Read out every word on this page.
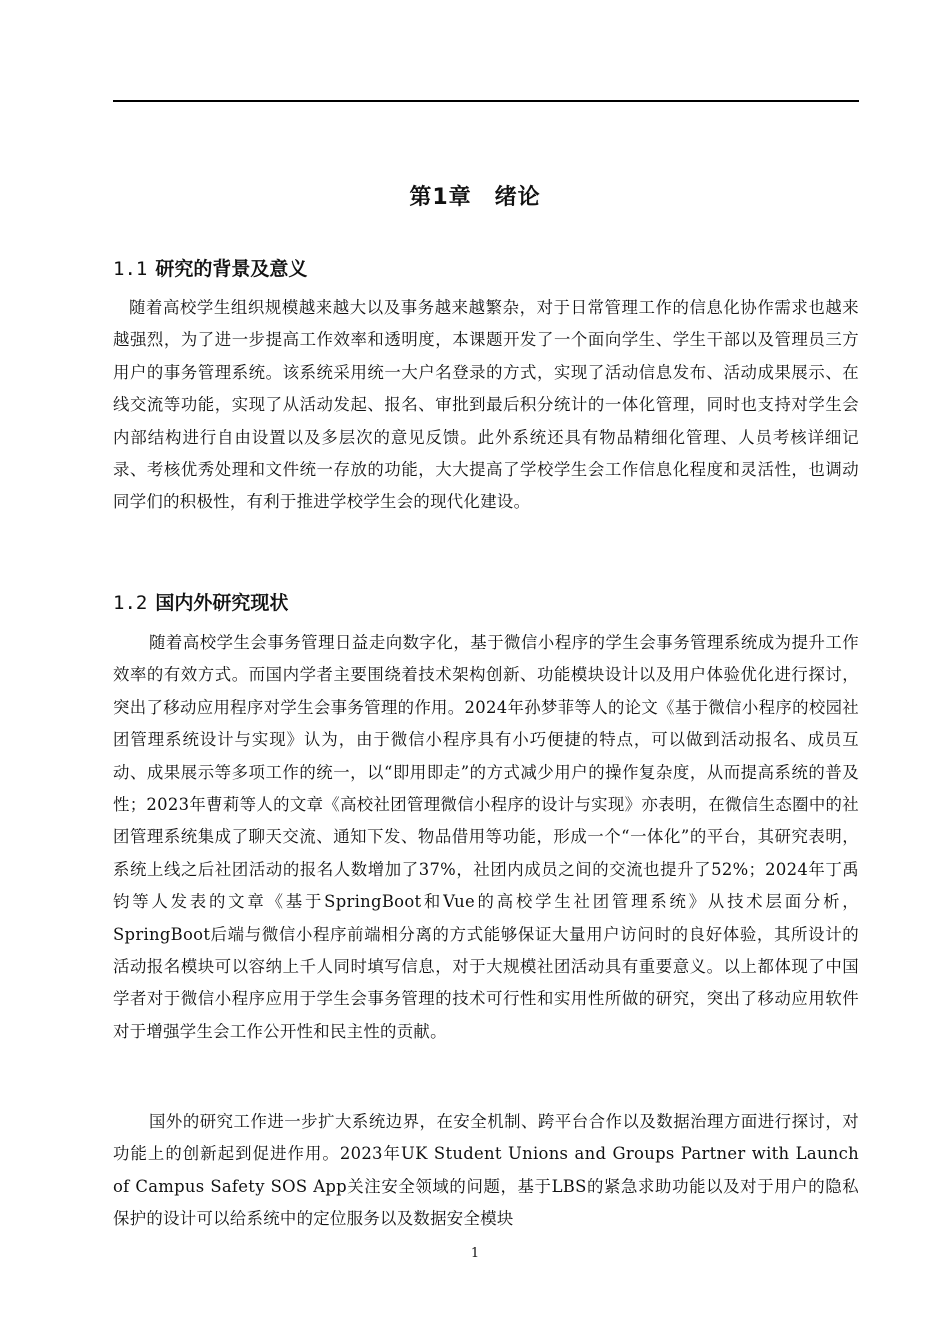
第1章　绪论
1.1 研究的背景及意义

随着高校学生组织规模越来越大以及事务越来越繁杂，对于日常管理工作的信息化协作需求也越来越强烈，为了进一步提高工作效率和透明度，本课题开发了一个面向学生、学生干部以及管理员三方用户的事务管理系统。该系统采用统一大户名登录的方式，实现了活动信息发布、活动成果展示、在线交流等功能，实现了从活动发起、报名、审批到最后积分统计的一体化管理，同时也支持对学生会内部结构进行自由设置以及多层次的意见反馈。此外系统还具有物品精细化管理、人员考核详细记录、考核优秀处理和文件统一存放的功能，大大提高了学校学生会工作信息化程度和灵活性，也调动同学们的积极性，有利于推进学校学生会的现代化建设。

1.2 国内外研究现状

随着高校学生会事务管理日益走向数字化，基于微信小程序的学生会事务管理系统成为提升工作效率的有效方式。而国内学者主要围绕着技术架构创新、功能模块设计以及用户体验优化进行探讨，突出了移动应用程序对学生会事务管理的作用。2024年孙梦菲等人的论文《基于微信小程序的校园社团管理系统设计与实现》认为，由于微信小程序具有小巧便捷的特点，可以做到活动报名、成员互动、成果展示等多项工作的统一，以“即用即走”的方式减少用户的操作复杂度，从而提高系统的普及性；2023年曹莉等人的文章《高校社团管理微信小程序的设计与实现》亦表明，在微信生态圈中的社团管理系统集成了聊天交流、通知下发、物品借用等功能，形成一个“一体化”的平台，其研究表明，系统上线之后社团活动的报名人数增加了37%，社团内成员之间的交流也提升了52%；2024年丁禹钧等人发表的文章《基于SpringBoot和Vue的高校学生社团管理系统》从技术层面分析，SpringBoot后端与微信小程序前端相分离的方式能够保证大量用户访问时的良好体验，其所设计的活动报名模块可以容纳上千人同时填写信息，对于大规模社团活动具有重要意义。以上都体现了中国学者对于微信小程序应用于学生会事务管理的技术可行性和实用性所做的研究，突出了移动应用软件对于增强学生会工作公开性和民主性的贡献。

国外的研究工作进一步扩大系统边界，在安全机制、跨平台合作以及数据治理方面进行探讨，对功能上的创新起到促进作用。2023年UK Student Unions and Groups Partner with Launch of Campus Safety SOS App关注安全领域的问题，基于LBS的紧急求助功能以及对于用户的隐私保护的设计可以给系统中的定位服务以及数据安全模块

1
